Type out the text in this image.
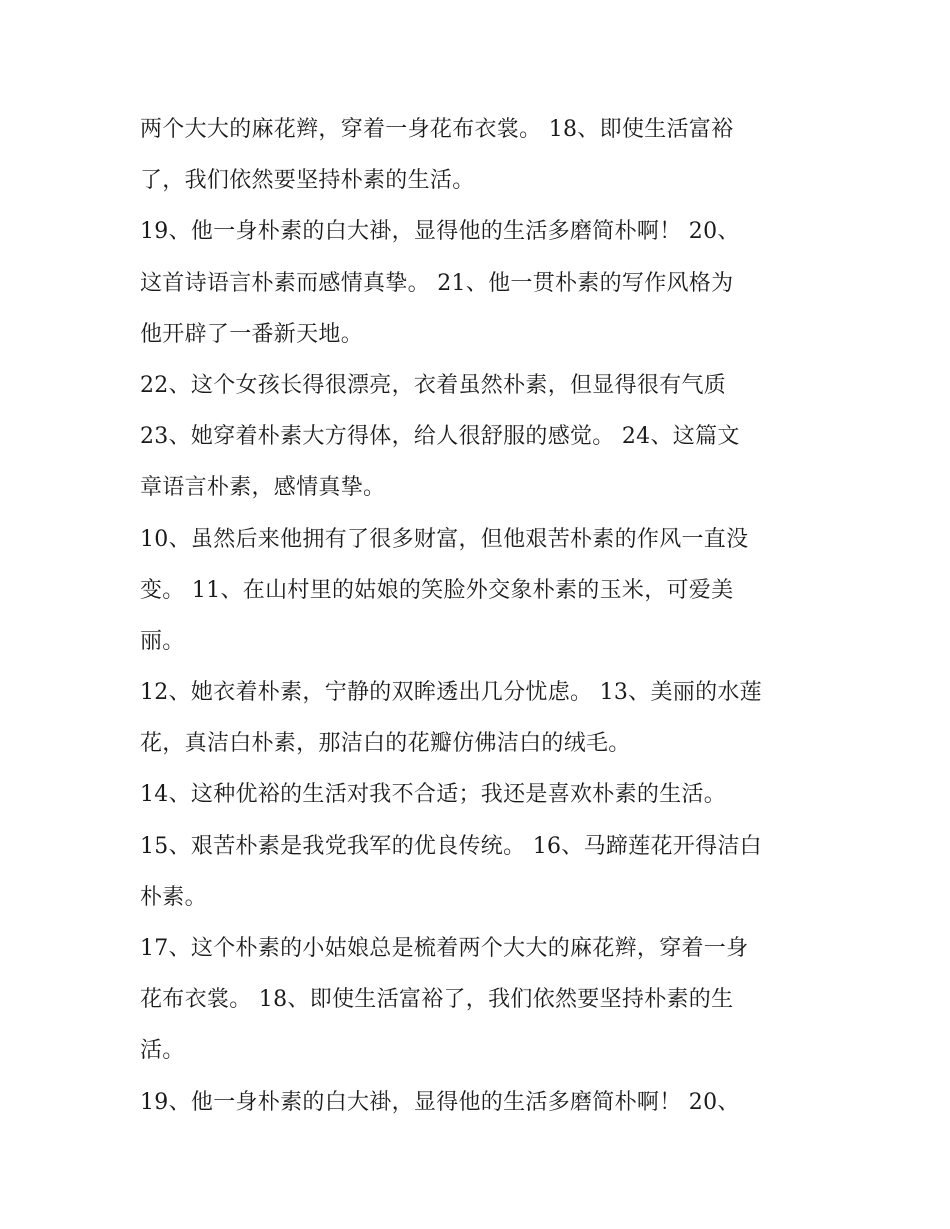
两个大大的麻花辫，穿着一身花布衣裳。 18、即使生活富裕
了，我们依然要坚持朴素的生活。
19、他一身朴素的白大褂，显得他的生活多磨简朴啊！ 20、
这首诗语言朴素而感情真挚。 21、他一贯朴素的写作风格为
他开辟了一番新天地。
22、这个女孩长得很漂亮，衣着虽然朴素，但显得很有气质
23、她穿着朴素大方得体，给人很舒服的感觉。 24、这篇文
章语言朴素，感情真挚。
10、虽然后来他拥有了很多财富，但他艰苦朴素的作风一直没
变。 11、在山村里的姑娘的笑脸外交象朴素的玉米，可爱美
丽。
12、她衣着朴素，宁静的双眸透出几分忧虑。 13、美丽的水莲
花，真洁白朴素，那洁白的花瓣仿佛洁白的绒毛。
14、这种优裕的生活对我不合适；我还是喜欢朴素的生活。
15、艰苦朴素是我党我军的优良传统。 16、马蹄莲花开得洁白
朴素。
17、这个朴素的小姑娘总是梳着两个大大的麻花辫，穿着一身
花布衣裳。 18、即使生活富裕了，我们依然要坚持朴素的生
活。
19、他一身朴素的白大褂，显得他的生活多磨简朴啊！ 20、
